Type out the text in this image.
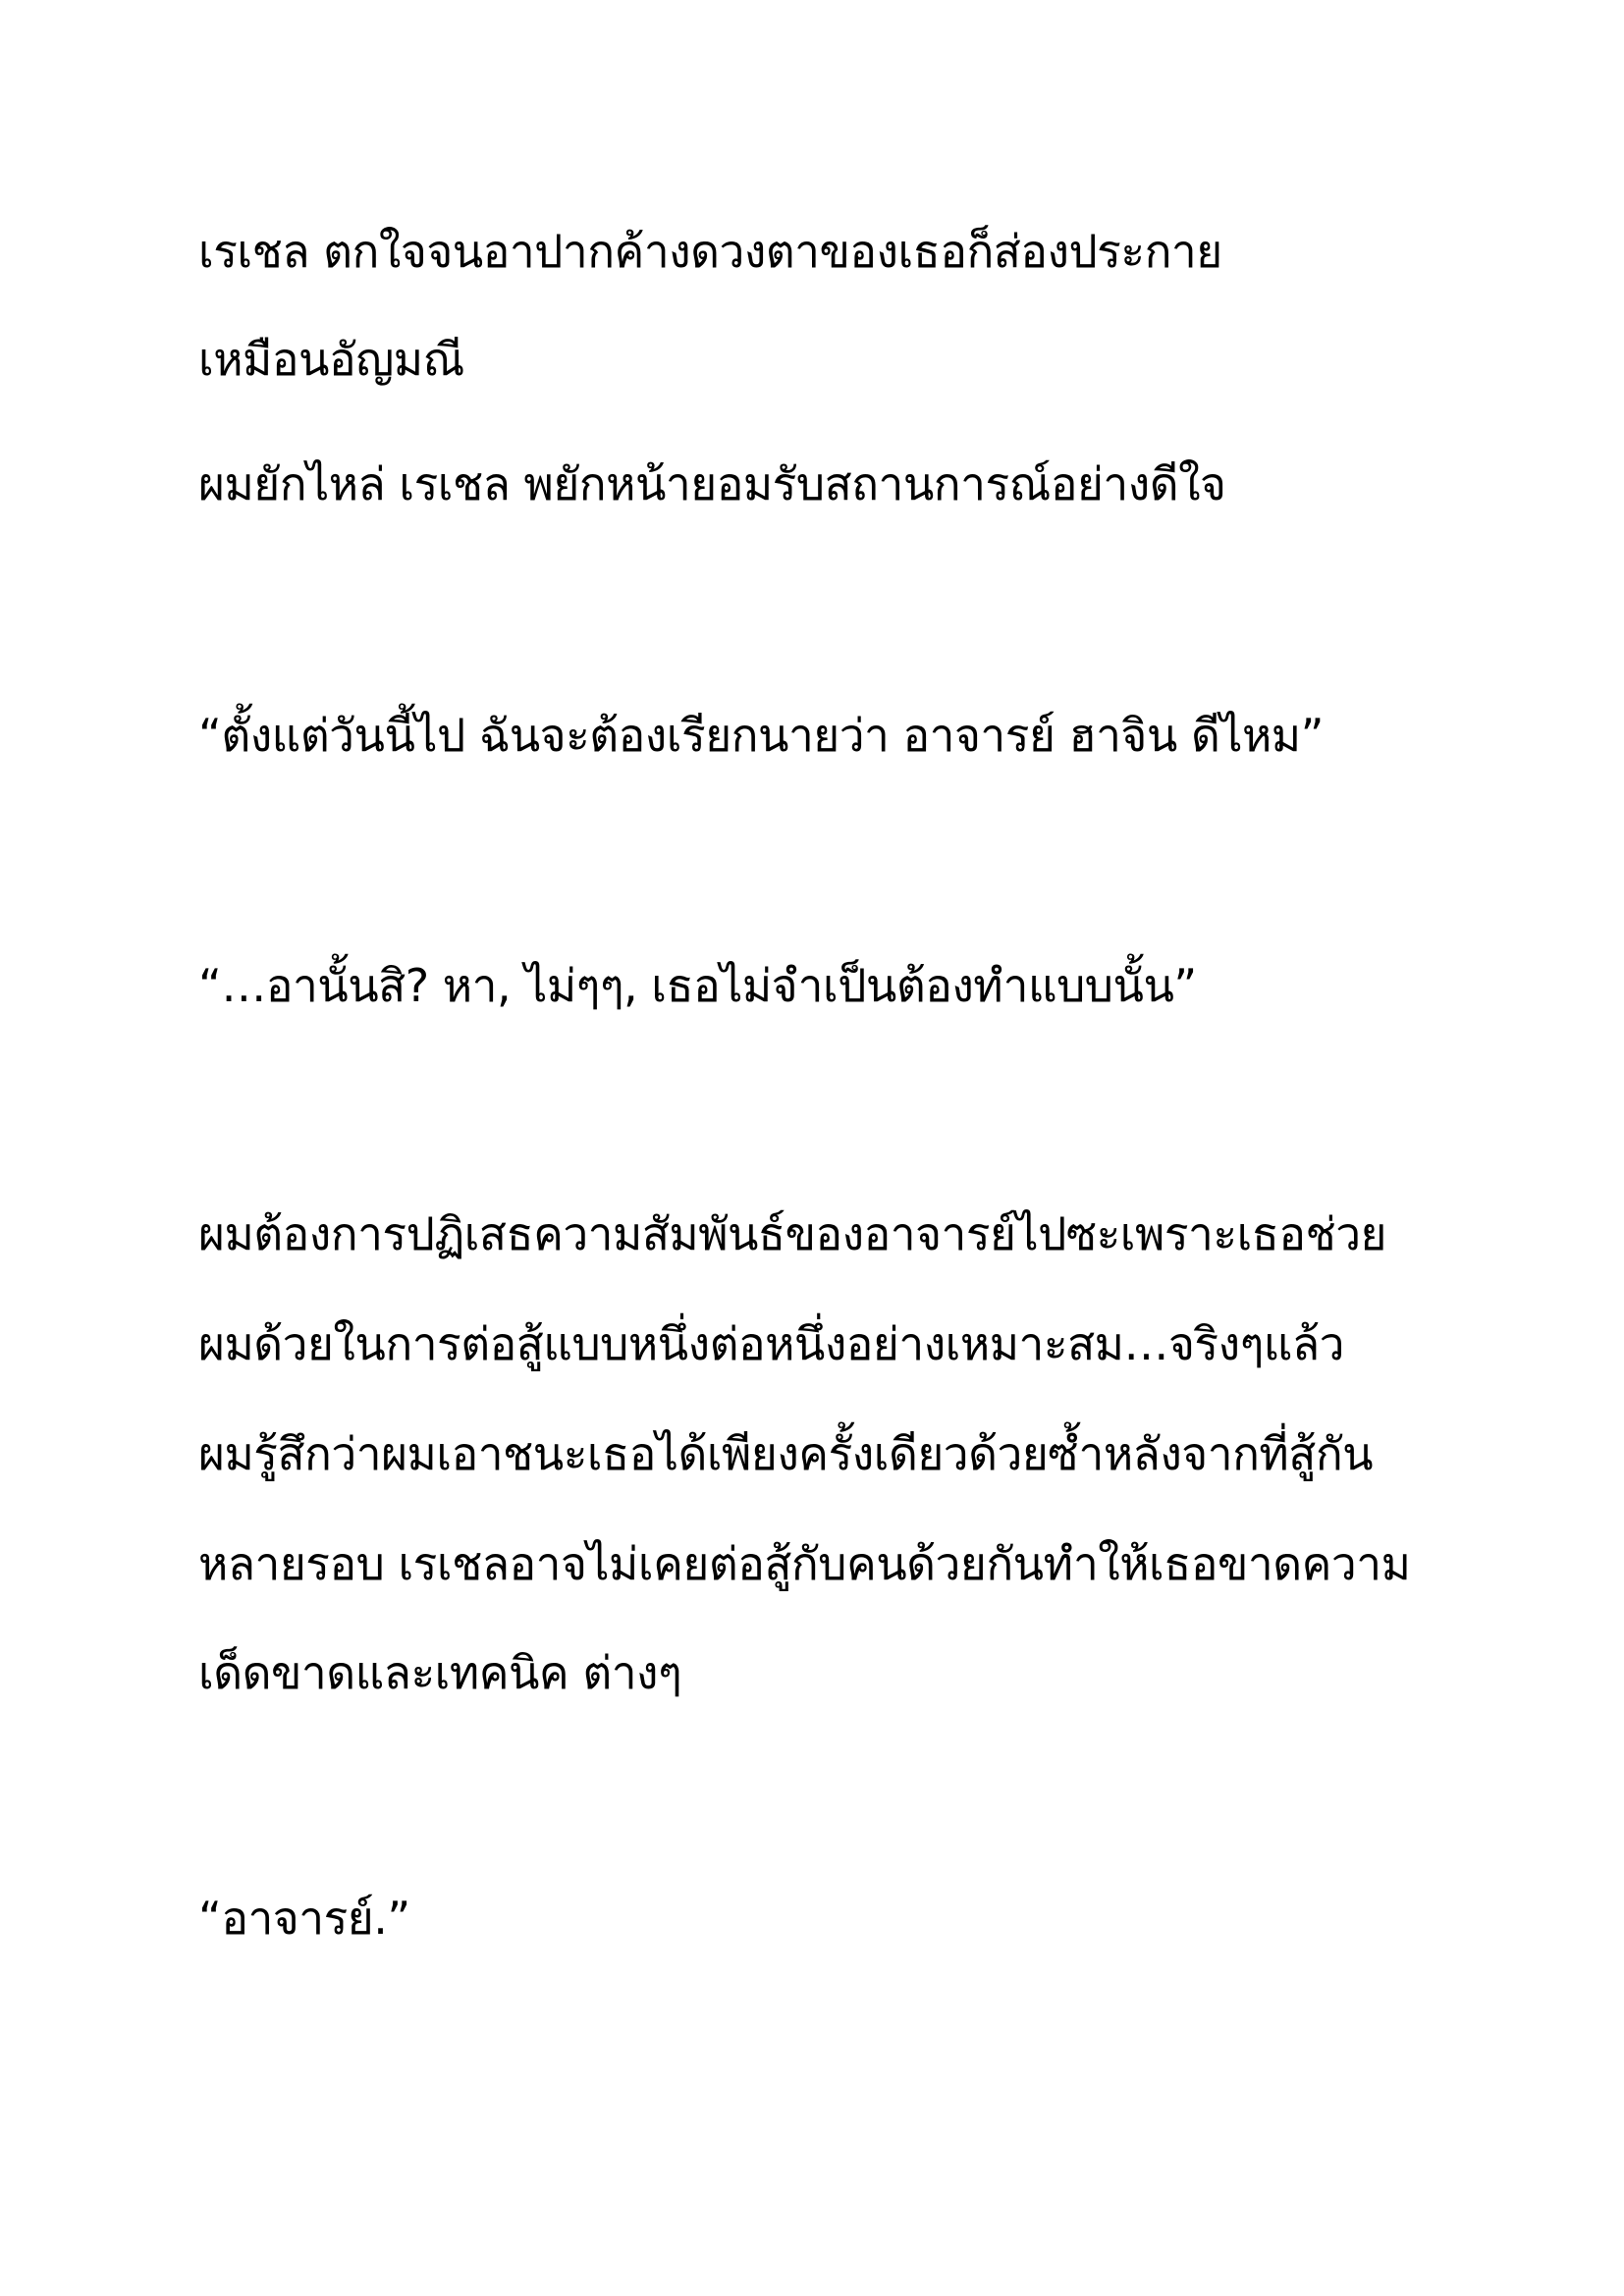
เรเชล ตกใจจนอาปากค้างดวงตาของเธอก็ส่องประกาย
เหมือนอัญมณี
ผมยักไหล่ เรเชล พยักหน้ายอมรับสถานการณ์อย่างดีใจ
“ตั้งแต่วันนี้ไป ฉันจะต้องเรียกนายว่า อาจารย์ ฮาจิน ดีไหม”
“…อานั้นสิ? หา, ไม่ๆๆ, เธอไม่จำเป็นต้องทำแบบนั้น”
ผมต้องการปฏิเสธความสัมพันธ์ของอาจารย์ไปซะเพราะเธอช่วย
ผมด้วยในการต่อสู้แบบหนึ่งต่อหนึ่งอย่างเหมาะสม…จริงๆแล้ว
ผมรู้สึกว่าผมเอาชนะเธอได้เพียงครั้งเดียวด้วยซ้ำหลังจากที่สู้กัน
หลายรอบ เรเชลอาจไม่เคยต่อสู้กับคนด้วยกันทำให้เธอขาดความ
เด็ดขาดและเทคนิค ต่างๆ
“อาจารย์.”
